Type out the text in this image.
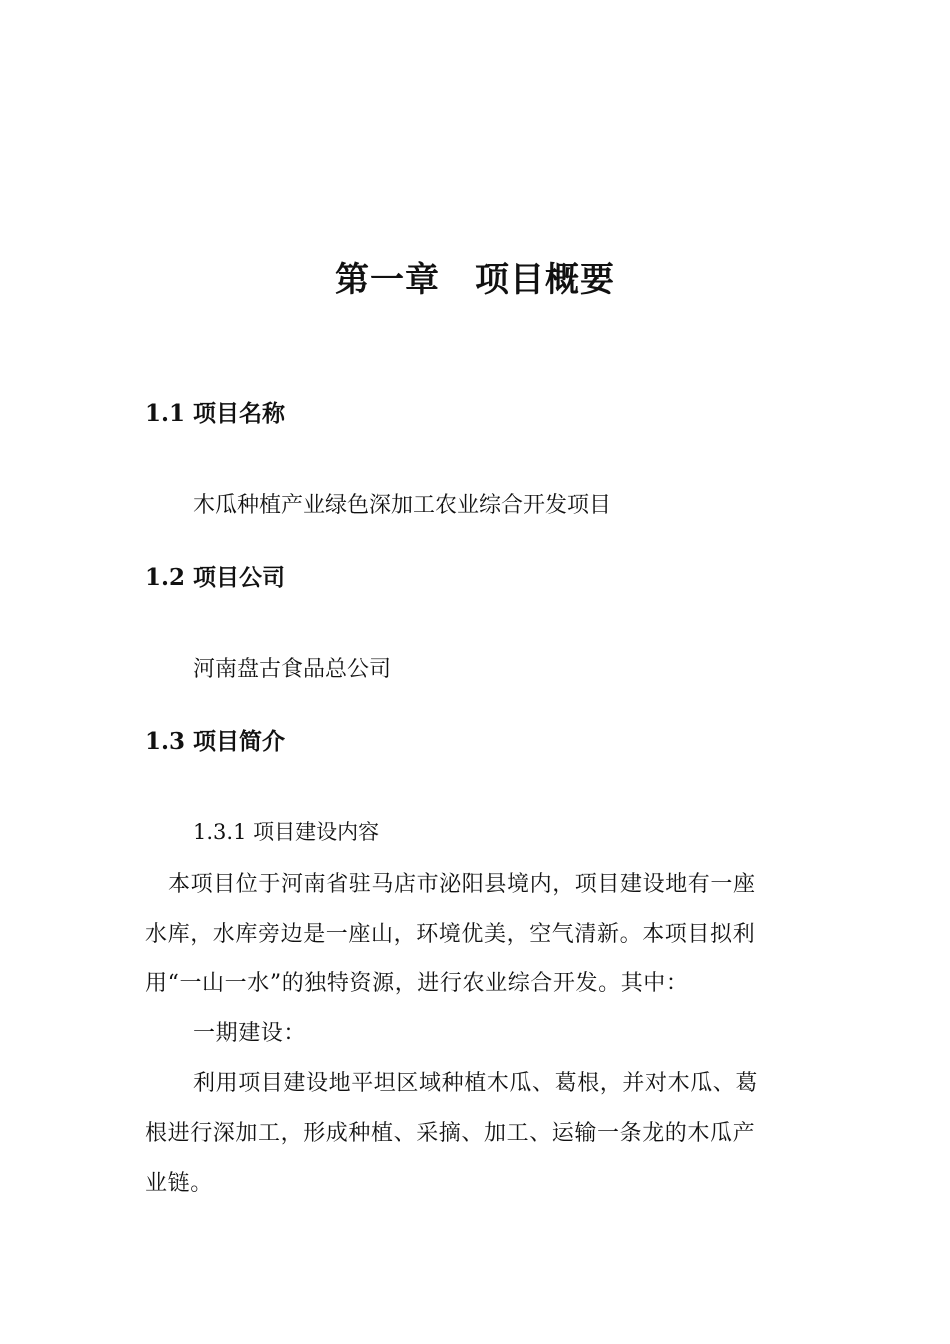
第一章　项目概要
1.1 项目名称

木瓜种植产业绿色深加工农业综合开发项目

1.2 项目公司

河南盘古食品总公司

1.3 项目简介

1.3.1 项目建设内容

本项目位于河南省驻马店市泌阳县境内，项目建设地有一座
水库，水库旁边是一座山，环境优美，空气清新。本项目拟利
用“一山一水”的独特资源，进行农业综合开发。其中：
一期建设：
利用项目建设地平坦区域种植木瓜、葛根，并对木瓜、葛
根进行深加工，形成种植、采摘、加工、运输一条龙的木瓜产
业链。
